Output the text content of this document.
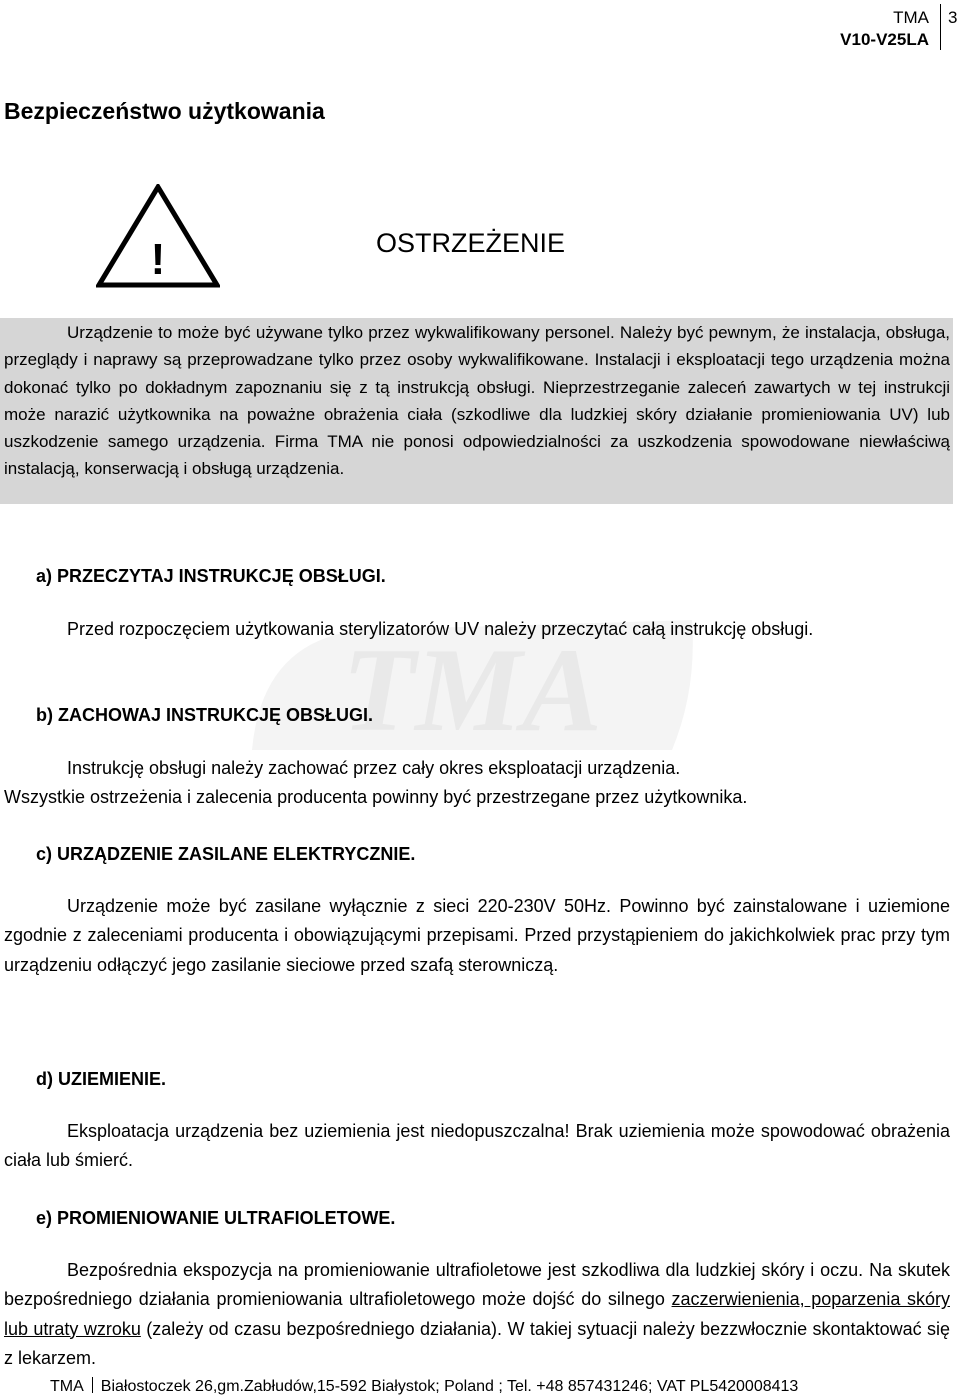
TMA
V10-V25LA
3
Bezpieczeństwo użytkowania
!	OSTRZEŻENIE

Urządzenie to może być używane tylko przez wykwalifikowany personel. Należy być pewnym, że instalacja, obsługa, przeglądy i naprawy są przeprowadzane tylko przez osoby wykwalifikowane. Instalacji i eksploatacji tego urządzenia można dokonać tylko po dokładnym zapoznaniu się z tą instrukcją obsługi. Nieprzestrzeganie zaleceń zawartych w tej instrukcji może narazić użytkownika na poważne obrażenia ciała (szkodliwe dla ludzkiej skóry działanie promieniowania UV) lub uszkodzenie samego urządzenia. Firma TMA nie ponosi odpowiedzialności za uszkodzenia spowodowane niewłaściwą instalacją, konserwacją i obsługą urządzenia.

TMA
a) PRZECZYTAJ INSTRUKCJĘ OBSŁUGI.

Przed rozpoczęciem użytkowania sterylizatorów UV należy przeczytać całą instrukcję obsługi.

b) ZACHOWAJ INSTRUKCJĘ OBSŁUGI.

Instrukcję obsługi należy zachować przez cały okres eksploatacji urządzenia.

Wszystkie ostrzeżenia i zalecenia producenta powinny być przestrzegane przez użytkownika.

c) URZĄDZENIE ZASILANE ELEKTRYCZNIE.

Urządzenie może być zasilane wyłącznie z sieci 220-230V 50Hz. Powinno być zainstalowane i uziemione zgodnie z zaleceniami producenta i obowiązującymi przepisami. Przed przystąpieniem do jakichkolwiek prac przy tym urządzeniu odłączyć jego zasilanie sieciowe przed szafą sterowniczą.

d) UZIEMIENIE.

Eksploatacja urządzenia bez uziemienia jest niedopuszczalna! Brak uziemienia może spowodować obrażenia ciała lub śmierć.

e) PROMIENIOWANIE ULTRAFIOLETOWE.

Bezpośrednia ekspozycja na promieniowanie ultrafioletowe jest szkodliwa dla ludzkiej skóry i oczu. Na skutek bezpośredniego działania promieniowania ultrafioletowego może dojść do silnego zaczerwienienia, poparzenia skóry lub utraty wzroku (zależy od czasu bezpośredniego działania). W takiej sytuacji należy bezzwłocznie skontaktować się z lekarzem.

TMA Białostoczek 26,gm.Zabłudów,15-592 Białystok; Poland ; Tel. +48 857431246; VAT PL5420008413
